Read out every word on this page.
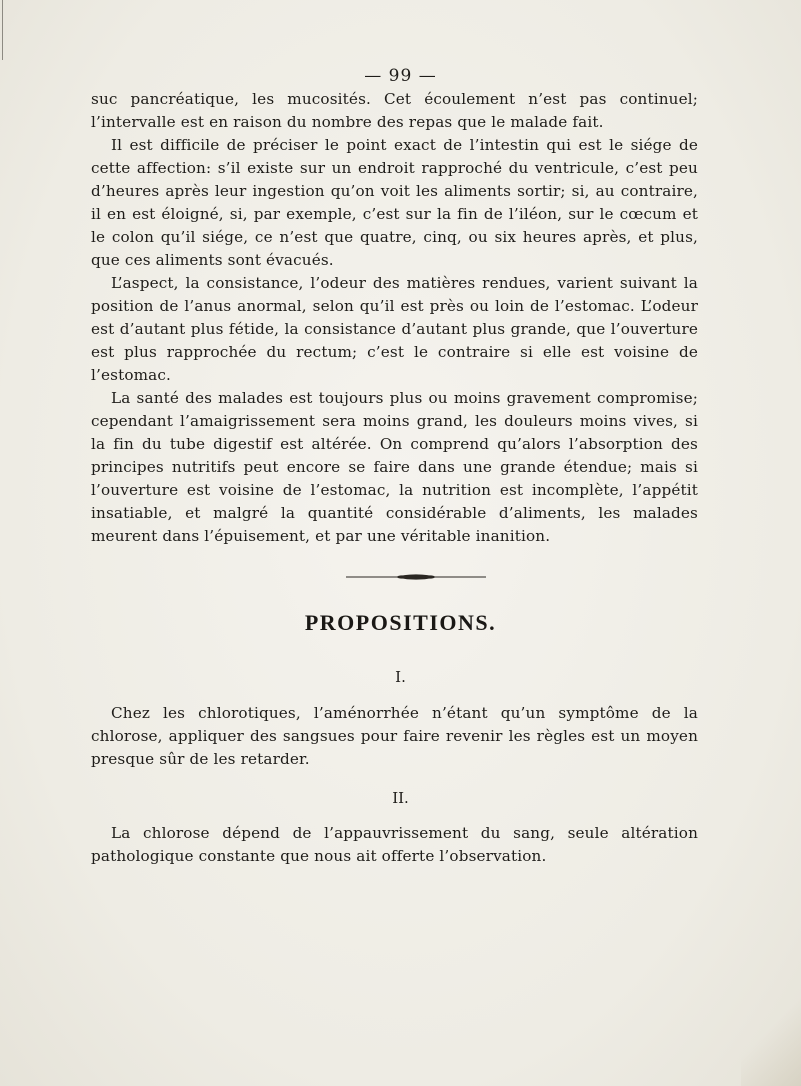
— 99 —

suc pancréatique, les mucosités. Cet écoulement n’est pas continuel; l’intervalle est en raison du nombre des repas que le malade fait.

Il est difficile de préciser le point exact de l’intestin qui est le siége de cette affection: s’il existe sur un endroit rapproché du ventricule, c’est peu d’heures après leur ingestion qu’on voit les aliments sortir; si, au contraire, il en est éloigné, si, par exemple, c’est sur la fin de l’iléon, sur le cœcum et le colon qu’il siége, ce n’est que quatre, cinq, ou six heures après, et plus, que ces aliments sont évacués.

L’aspect, la consistance, l’odeur des matières rendues, varient suivant la position de l’anus anormal, selon qu’il est près ou loin de l’estomac. L’odeur est d’autant plus fétide, la consistance d’autant plus grande, que l’ouverture est plus rapprochée du rectum; c’est le contraire si elle est voisine de l’estomac.

La santé des malades est toujours plus ou moins gravement compromise; cependant l’amaigrissement sera moins grand, les douleurs moins vives, si la fin du tube digestif est altérée. On comprend qu’alors l’absorption des principes nutritifs peut encore se faire dans une grande étendue; mais si l’ouverture est voisine de l’estomac, la nutrition est incomplète, l’appétit insatiable, et malgré la quantité considérable d’aliments, les malades meurent dans l’épuisement, et par une véritable inanition.

PROPOSITIONS.
I.

Chez les chlorotiques, l’aménorrhée n’étant qu’un symptôme de la chlorose, appliquer des sangsues pour faire revenir les règles est un moyen presque sûr de les retarder.

II.

La chlorose dépend de l’appauvrissement du sang, seule altération pathologique constante que nous ait offerte l’observation.
